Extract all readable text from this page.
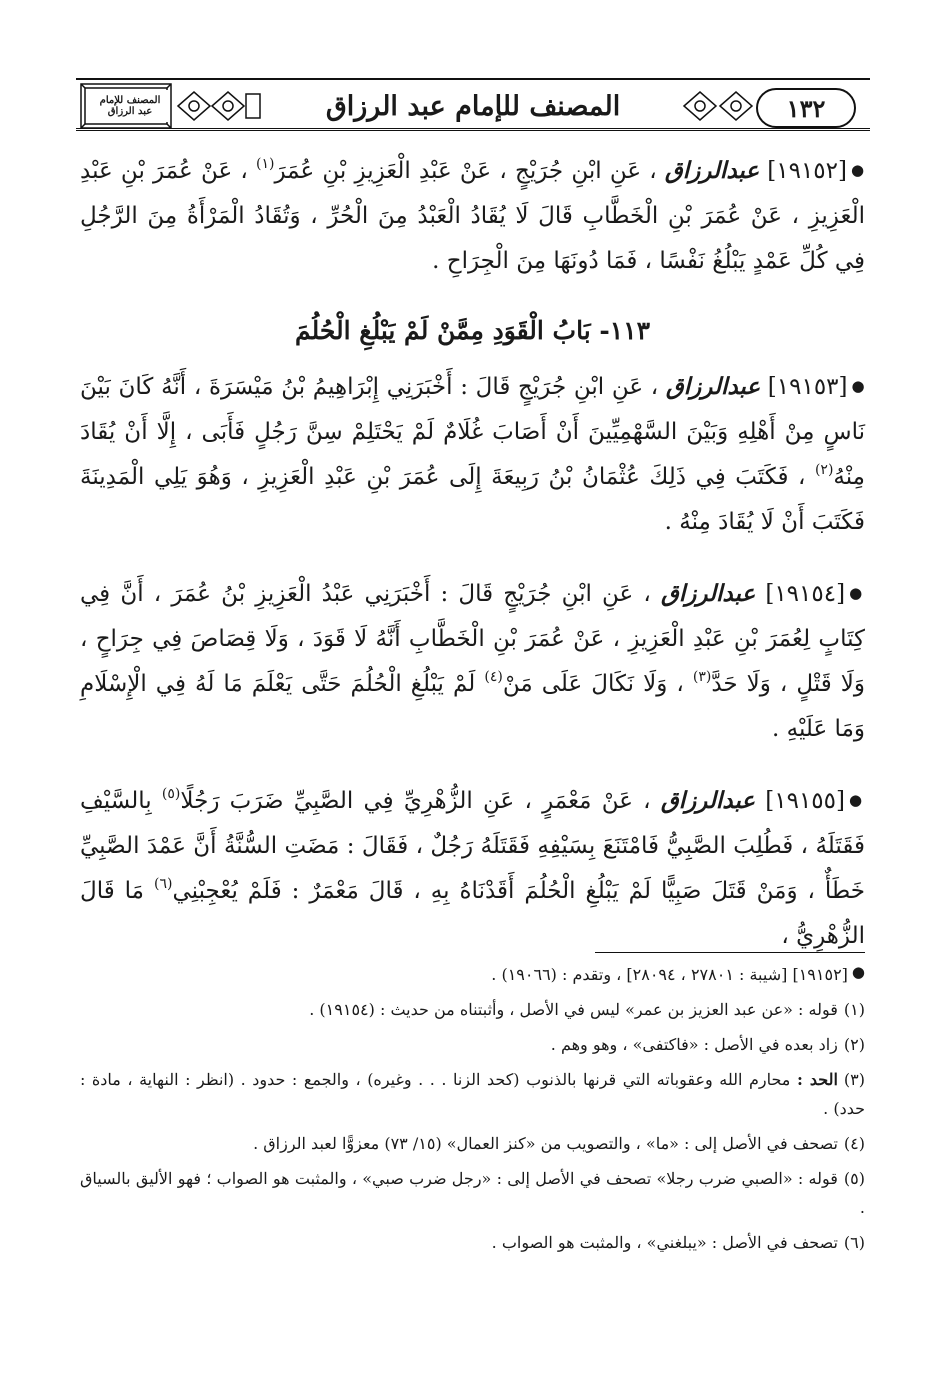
١٣٢
المصنف للإمام عبد الرزاق
المصنف للإمام عبد الرزاق

●[١٩١٥٢] عبدالرزاق ، عَنِ ابْنِ جُرَيْجٍ ، عَنْ عَبْدِ الْعَزِيزِ بْنِ عُمَرَ$^{(١)}$ ، عَنْ عُمَرَ بْنِ عَبْدِ الْعَزِيزِ ، عَنْ عُمَرَ بْنِ الْخَطَّابِ قَالَ لَا يُقَادُ الْعَبْدُ مِنَ الْحُرِّ ، وَتُقَادُ الْمَرْأَةُ مِنَ الرَّجُلِ فِي كُلِّ عَمْدٍ يَبْلُغُ نَفْسًا ، فَمَا دُونَهَا مِنَ الْجِرَاحِ .

١١٣- بَابُ الْقَوَدِ مِمَّنْ لَمْ يَبْلُغِ الْحُلُمَ

●[١٩١٥٣] عبدالرزاق ، عَنِ ابْنِ جُرَيْجٍ قَالَ : أَخْبَرَنِي إِبْرَاهِيمُ بْنُ مَيْسَرَةَ ، أَنَّهُ كَانَ بَيْنَ نَاسٍ مِنْ أَهْلِهِ وَبَيْنَ السَّهْمِيِّينَ أَنْ أَصَابَ غُلَامٌ لَمْ يَحْتَلِمْ سِنَّ رَجُلٍ فَأَبَى ، إِلَّا أَنْ يُقَادَ مِنْهُ$^{(٢)}$ ، فَكَتَبَ فِي ذَلِكَ عُثْمَانُ بْنُ رَبِيعَةَ إِلَى عُمَرَ بْنِ عَبْدِ الْعَزِيزِ ، وَهُوَ يَلِي الْمَدِينَةَ فَكَتَبَ أَنْ لَا يُقَادَ مِنْهُ .

●[١٩١٥٤] عبدالرزاق ، عَنِ ابْنِ جُرَيْجٍ قَالَ : أَخْبَرَنِي عَبْدُ الْعَزِيزِ بْنُ عُمَرَ ، أَنَّ فِي كِتَابٍ لِعُمَرَ بْنِ عَبْدِ الْعَزِيزِ ، عَنْ عُمَرَ بْنِ الْخَطَّابِ أَنَّهُ لَا قَوَدَ ، وَلَا قِصَاصَ فِي جِرَاحٍ ، وَلَا قَتْلٍ ، وَلَا حَدَّ$^{(٣)}$ ، وَلَا نَكَالَ عَلَى مَنْ$^{(٤)}$ لَمْ يَبْلُغِ الْحُلُمَ حَتَّى يَعْلَمَ مَا لَهُ فِي الْإِسْلَامِ وَمَا عَلَيْهِ .

●[١٩١٥٥] عبدالرزاق ، عَنْ مَعْمَرٍ ، عَنِ الزُّهْرِيِّ فِي الصَّبِيِّ ضَرَبَ رَجُلًا$^{(٥)}$ بِالسَّيْفِ فَقَتَلَهُ ، فَطُلِبَ الصَّبِيُّ فَامْتَنَعَ بِسَيْفِهِ فَقَتَلَهُ رَجُلٌ ، فَقَالَ : مَضَتِ السُّنَّةُ أَنَّ عَمْدَ الصَّبِيِّ خَطَأٌ ، وَمَنْ قَتَلَ صَبِيًّا لَمْ يَبْلُغِ الْحُلُمَ أَقَدْنَاهُ بِهِ ، قَالَ مَعْمَرٌ : فَلَمْ يُعْجِبْنِي$^{(٦)}$ مَا قَالَ الزُّهْرِيُّ ،

●[١٩١٥٢] [شيبة : ٢٧٨٠١ ، ٢٨٠٩٤] ، وتقدم : (١٩٠٦٦) .

(١)قوله : «عن عبد العزيز بن عمر» ليس في الأصل ، وأثبتناه من حديث : (١٩١٥٤) .

(٢)زاد بعده في الأصل : «فاكتفى» ، وهو وهم .

(٣)الحد : محارم الله وعقوباته التي قرنها بالذنوب (كحد الزنا . . . وغيره) ، والجمع : حدود . (انظر : النهاية ، مادة : حدد) .

(٤)تصحف في الأصل إلى : «ما» ، والتصويب من «كنز العمال» (١٥/ ٧٣) معزوًّا لعبد الرزاق .

(٥)قوله : «الصبي ضرب رجلا» تصحف في الأصل إلى : «رجل ضرب صبي» ، والمثبت هو الصواب ؛ فهو الأليق بالسياق .

(٦)تصحف في الأصل : «يبلغني» ، والمثبت هو الصواب .
